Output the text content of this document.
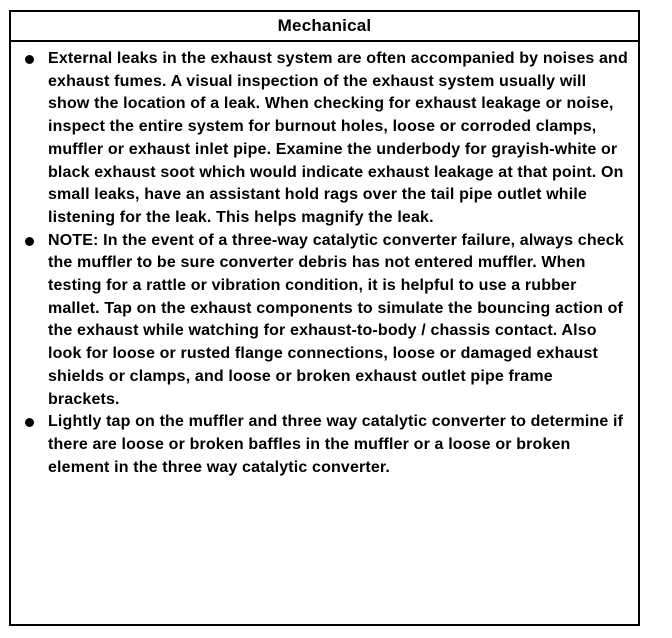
Mechanical
External leaks in the exhaust system are often accompanied by noises and exhaust fumes. A visual inspection of the exhaust system usually will show the location of a leak. When checking for exhaust leakage or noise, inspect the entire system for burnout holes, loose or corroded clamps, muffler or exhaust inlet pipe. Examine the underbody for grayish-white or black exhaust soot which would indicate exhaust leakage at that point. On small leaks, have an assistant hold rags over the tail pipe outlet while listening for the leak. This helps magnify the leak.
NOTE: In the event of a three-way catalytic converter failure, always check the muffler to be sure converter debris has not entered muffler. When testing for a rattle or vibration condition, it is helpful to use a rubber mallet. Tap on the exhaust components to simulate the bouncing action of the exhaust while watching for exhaust-to-body / chassis contact. Also look for loose or rusted flange connections, loose or damaged exhaust shields or clamps, and loose or broken exhaust outlet pipe frame brackets.
Lightly tap on the muffler and three way catalytic converter to determine if there are loose or broken baffles in the muffler or a loose or broken element in the three way catalytic converter.
